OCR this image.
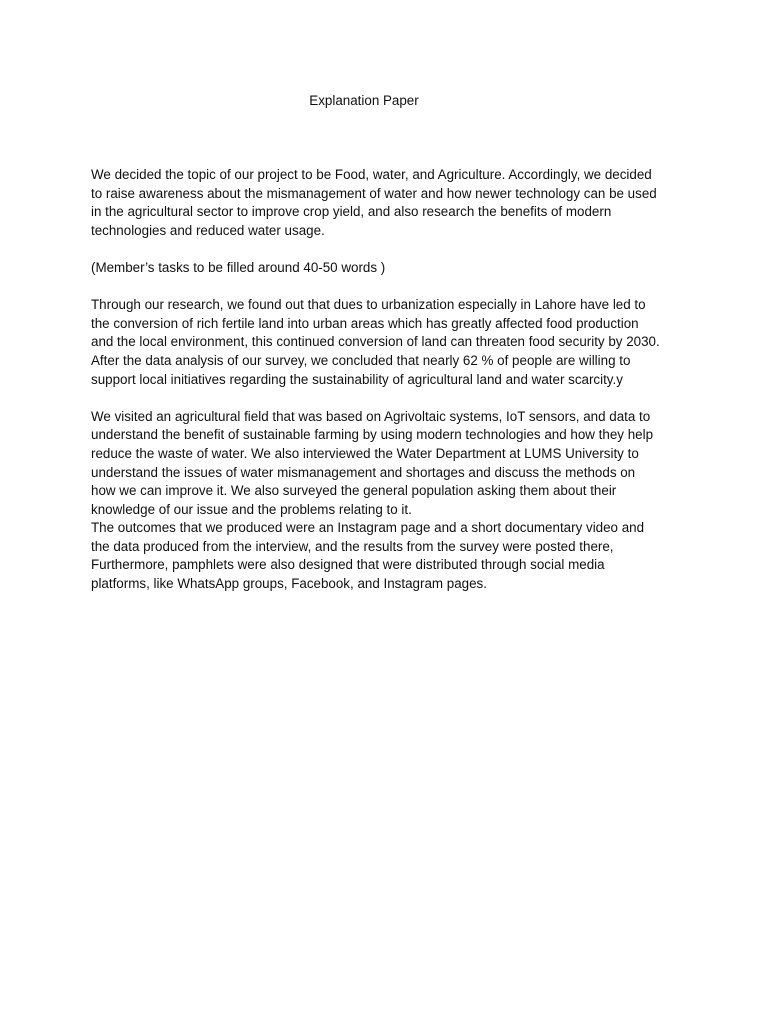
Explanation Paper

We decided the topic of our project to be Food, water, and Agriculture. Accordingly, we decided
to raise awareness about the mismanagement of water and how newer technology can be used
in the agricultural sector to improve crop yield, and also research the benefits of modern
technologies and reduced water usage.

(Member’s tasks to be filled around 40-50 words )

Through our research, we found out that dues to urbanization especially in Lahore have led to
the conversion of rich fertile land into urban areas which has greatly affected food production
and the local environment, this continued conversion of land can threaten food security by 2030.
After the data analysis of our survey, we concluded that nearly 62 % of people are willing to
support local initiatives regarding the sustainability of agricultural land and water scarcity.y

We visited an agricultural field that was based on Agrivoltaic systems, IoT sensors, and data to
understand the benefit of sustainable farming by using modern technologies and how they help
reduce the waste of water. We also interviewed the Water Department at LUMS University to
understand the issues of water mismanagement and shortages and discuss the methods on
how we can improve it. We also surveyed the general population asking them about their
knowledge of our issue and the problems relating to it.

The outcomes that we produced were an Instagram page and a short documentary video and
the data produced from the interview, and the results from the survey were posted there,
Furthermore, pamphlets were also designed that were distributed through social media
platforms, like WhatsApp groups, Facebook, and Instagram pages.
